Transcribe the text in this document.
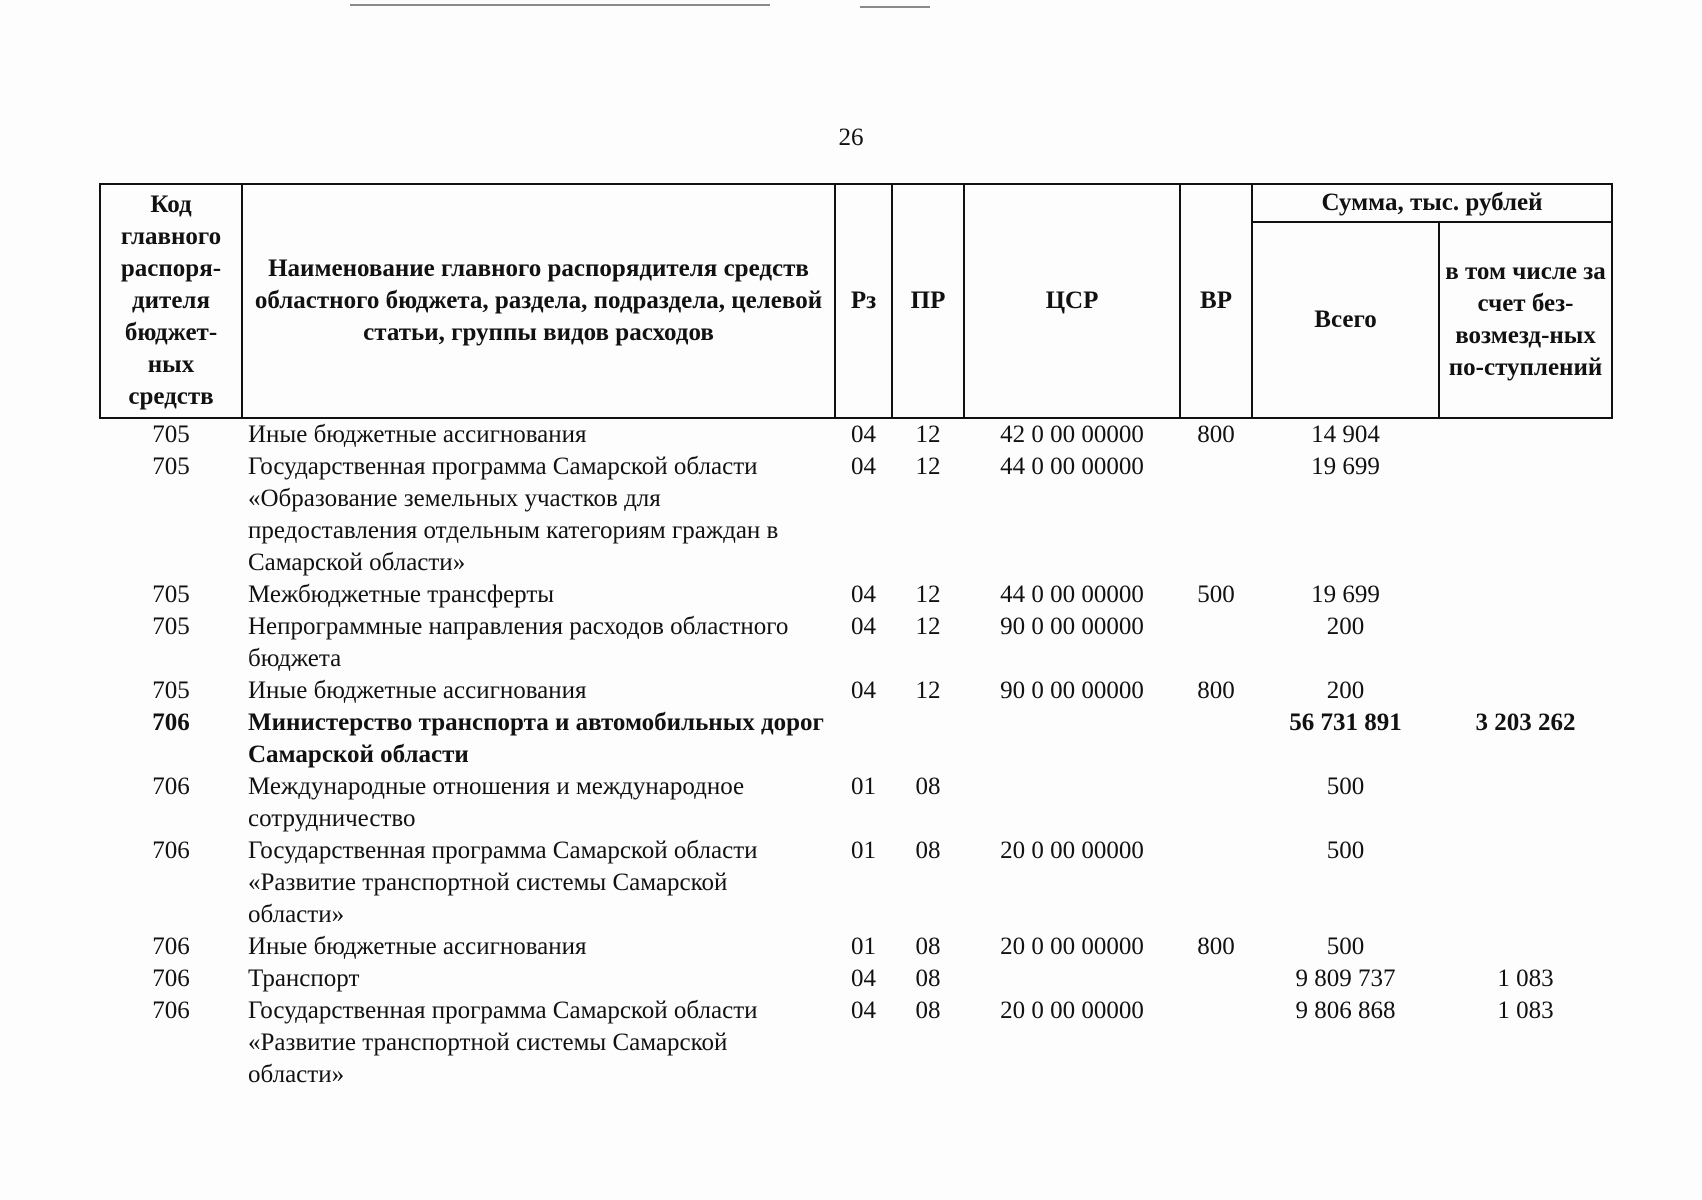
26
Код главного распоря-дителя бюджет-ных средств	Наименование главного распорядителя средств областного бюджета, раздела, подраздела, целевой статьи, группы видов расходов	Рз	ПР	ЦСР	ВР	Сумма, тыс. рублей	
						Всего	в том числе за счет без-возмезд-ных по-ступлений
705	Иные бюджетные ассигнования	04	12	42 0 00 00000	800	14 904	
705	Государственная программа Самарской области «Образование земельных участков для предоставления отдельным категориям граждан в Самарской области»	04	12	44 0 00 00000		19 699	
705	Межбюджетные трансферты	04	12	44 0 00 00000	500	19 699	
705	Непрограммные направления расходов областного бюджета	04	12	90 0 00 00000		200	
705	Иные бюджетные ассигнования	04	12	90 0 00 00000	800	200	
706	Министерство транспорта и автомобильных дорог Самарской области					56 731 891	3 203 262
706	Международные отношения и международное сотрудничество	01	08			500	
706	Государственная программа Самарской области «Развитие транспортной системы Самарской области»	01	08	20 0 00 00000		500	
706	Иные бюджетные ассигнования	01	08	20 0 00 00000	800	500	
706	Транспорт	04	08			9 809 737	1 083
706	Государственная программа Самарской области «Развитие транспортной системы Самарской области»	04	08	20 0 00 00000		9 806 868	1 083
